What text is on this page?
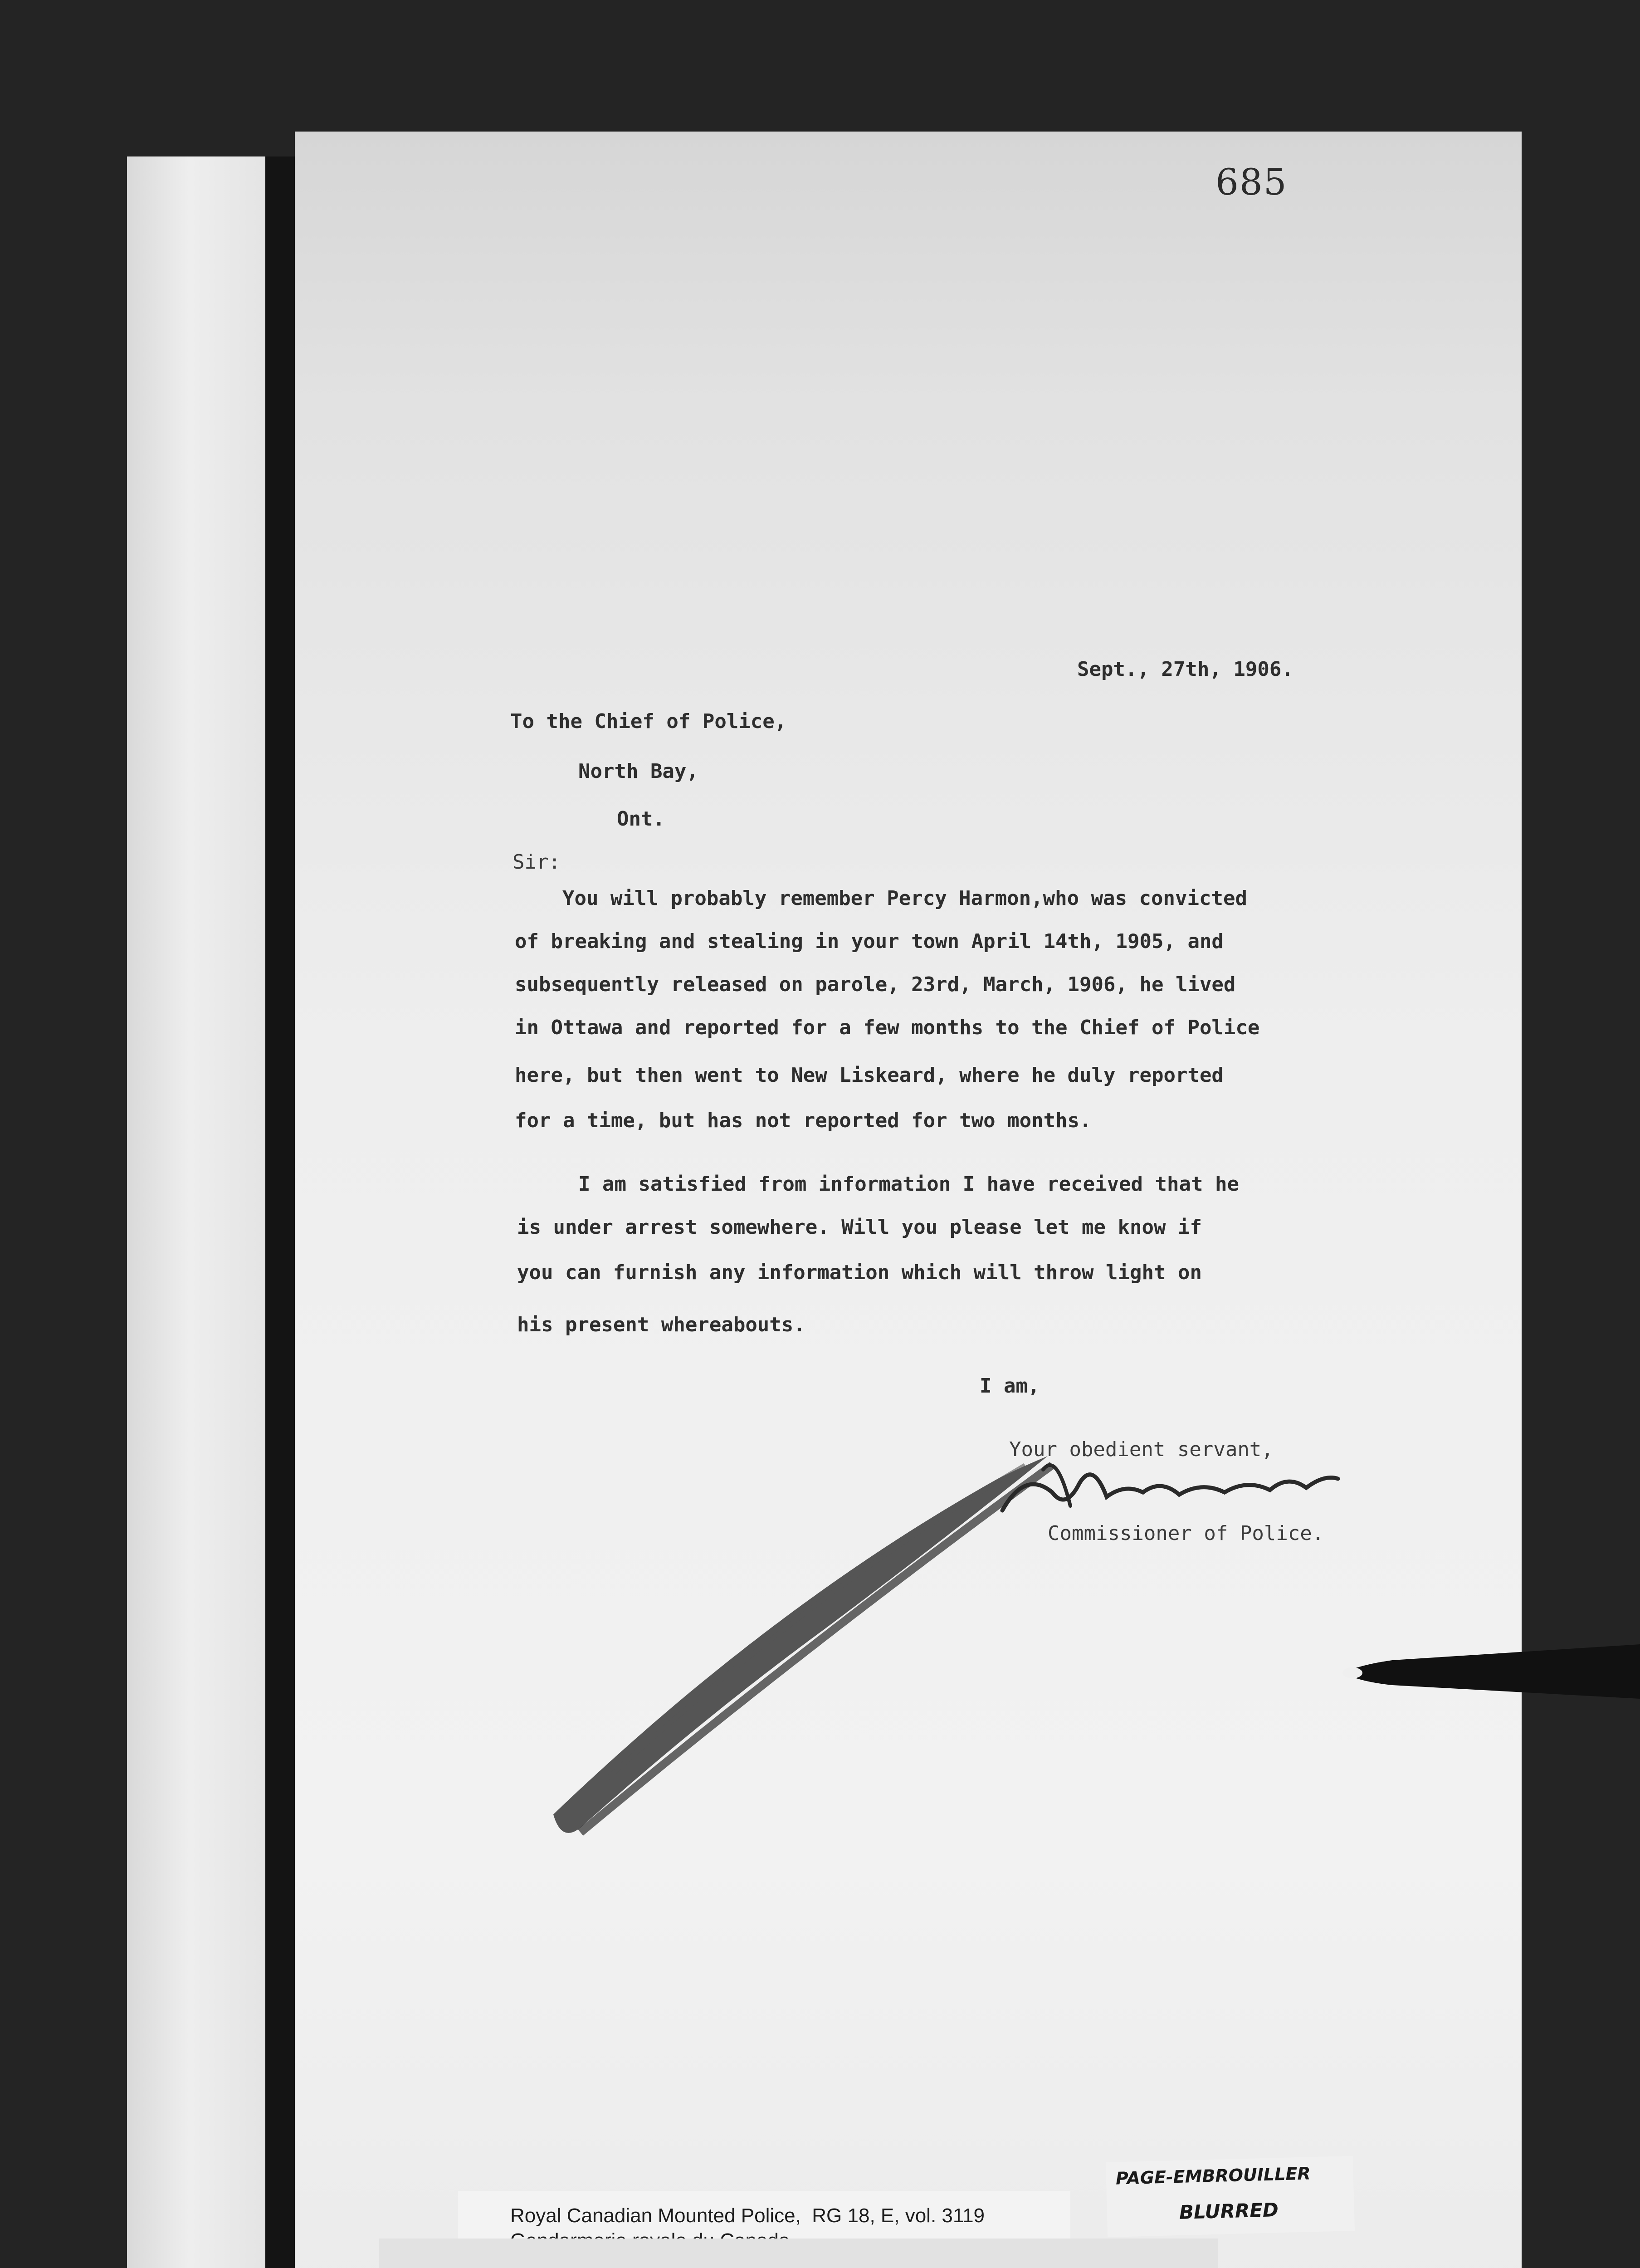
685
Sept., 27th, 1906.
To the Chief of Police,
North Bay,
Ont.
Sir:
You will probably remember Percy Harmon,who was convicted
of breaking and stealing in your town April 14th, 1905, and
subsequently released on parole, 23rd, March, 1906, he lived
in Ottawa and reported for a few months to the Chief of Police
here, but then went to New Liskeard, where he duly reported
for a time, but has not reported for two months.
I am satisfied from information I have received that he
is under arrest somewhere. Will you please let me know if
you can furnish any information which will throw light on
his present whereabouts.
I am,
Your obedient servant,
Commissioner of Police.
Royal Canadian Mounted Police,  RG 18, E, vol. 3119
PAGE-EMBROUILLER
BLURRED
